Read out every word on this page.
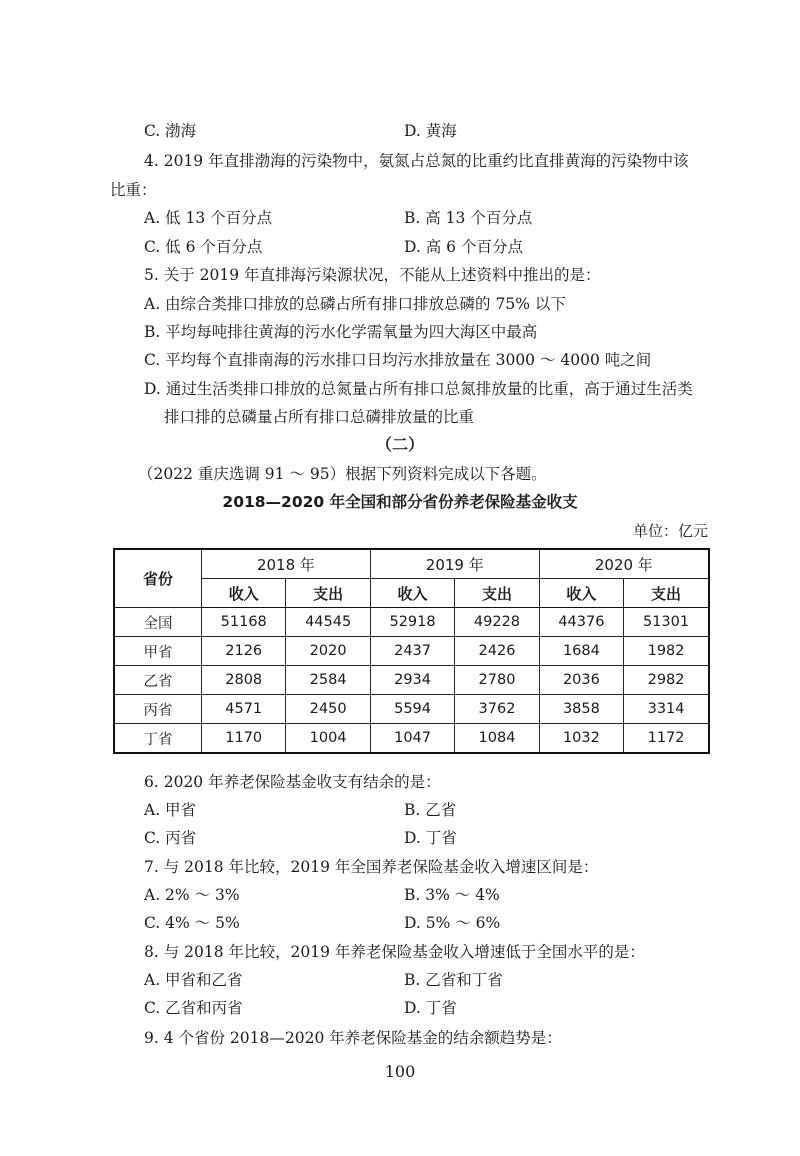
C. 渤海	D. 黄海
4. 2019 年直排渤海的污染物中，氨氮占总氮的比重约比直排黄海的污染物中该
比重：
A. 低 13 个百分点	B. 高 13 个百分点
C. 低 6 个百分点	D. 高 6 个百分点
5. 关于 2019 年直排海污染源状况，不能从上述资料中推出的是：
A. 由综合类排口排放的总磷占所有排口排放总磷的 75% 以下
B. 平均每吨排往黄海的污水化学需氧量为四大海区中最高
C. 平均每个直排南海的污水排口日均污水排放量在 3000 ～ 4000 吨之间
D. 通过生活类排口排放的总氮量占所有排口总氮排放量的比重，高于通过生活类
排口排的总磷量占所有排口总磷排放量的比重
（二）
（2022 重庆选调 91 ～ 95）根据下列资料完成以下各题。
2018—2020 年全国和部分省份养老保险基金收支
单位：亿元
省份	2018 年		2019 年		2020 年	
	收入	支出	收入	支出	收入	支出
全国	51168	44545	52918	49228	44376	51301
甲省	2126	2020	2437	2426	1684	1982
乙省	2808	2584	2934	2780	2036	2982
丙省	4571	2450	5594	3762	3858	3314
丁省	1170	1004	1047	1084	1032	1172
6. 2020 年养老保险基金收支有结余的是：
A. 甲省	B. 乙省
C. 丙省	D. 丁省
7. 与 2018 年比较，2019 年全国养老保险基金收入增速区间是：
A. 2% ～ 3%	B. 3% ～ 4%
C. 4% ～ 5%	D. 5% ～ 6%
8. 与 2018 年比较，2019 年养老保险基金收入增速低于全国水平的是：
A. 甲省和乙省	B. 乙省和丁省
C. 乙省和丙省	D. 丁省
9. 4 个省份 2018—2020 年养老保险基金的结余额趋势是：
100
